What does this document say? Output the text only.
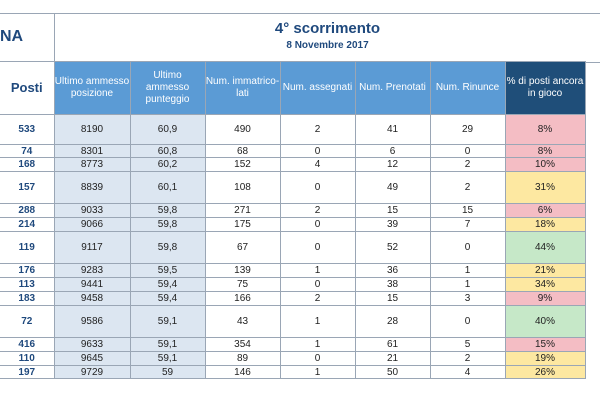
NA	4° scorrimento
8 Novembre 2017
Posti	Ultimo ammesso posizione	Ultimo ammesso punteggio	Num. immatrico-lati	Num. assegnati	Num. Prenotati	Num. Rinunce	% di posti ancora in gioco
533	8190	60,9	490	2	41	29	8%
74	8301	60,8	68	0	6	0	8%
168	8773	60,2	152	4	12	2	10%
157	8839	60,1	108	0	49	2	31%
288	9033	59,8	271	2	15	15	6%
214	9066	59,8	175	0	39	7	18%
119	9117	59,8	67	0	52	0	44%
176	9283	59,5	139	1	36	1	21%
113	9441	59,4	75	0	38	1	34%
183	9458	59,4	166	2	15	3	9%
72	9586	59,1	43	1	28	0	40%
416	9633	59,1	354	1	61	5	15%
110	9645	59,1	89	0	21	2	19%
197	9729	59	146	1	50	4	26%
